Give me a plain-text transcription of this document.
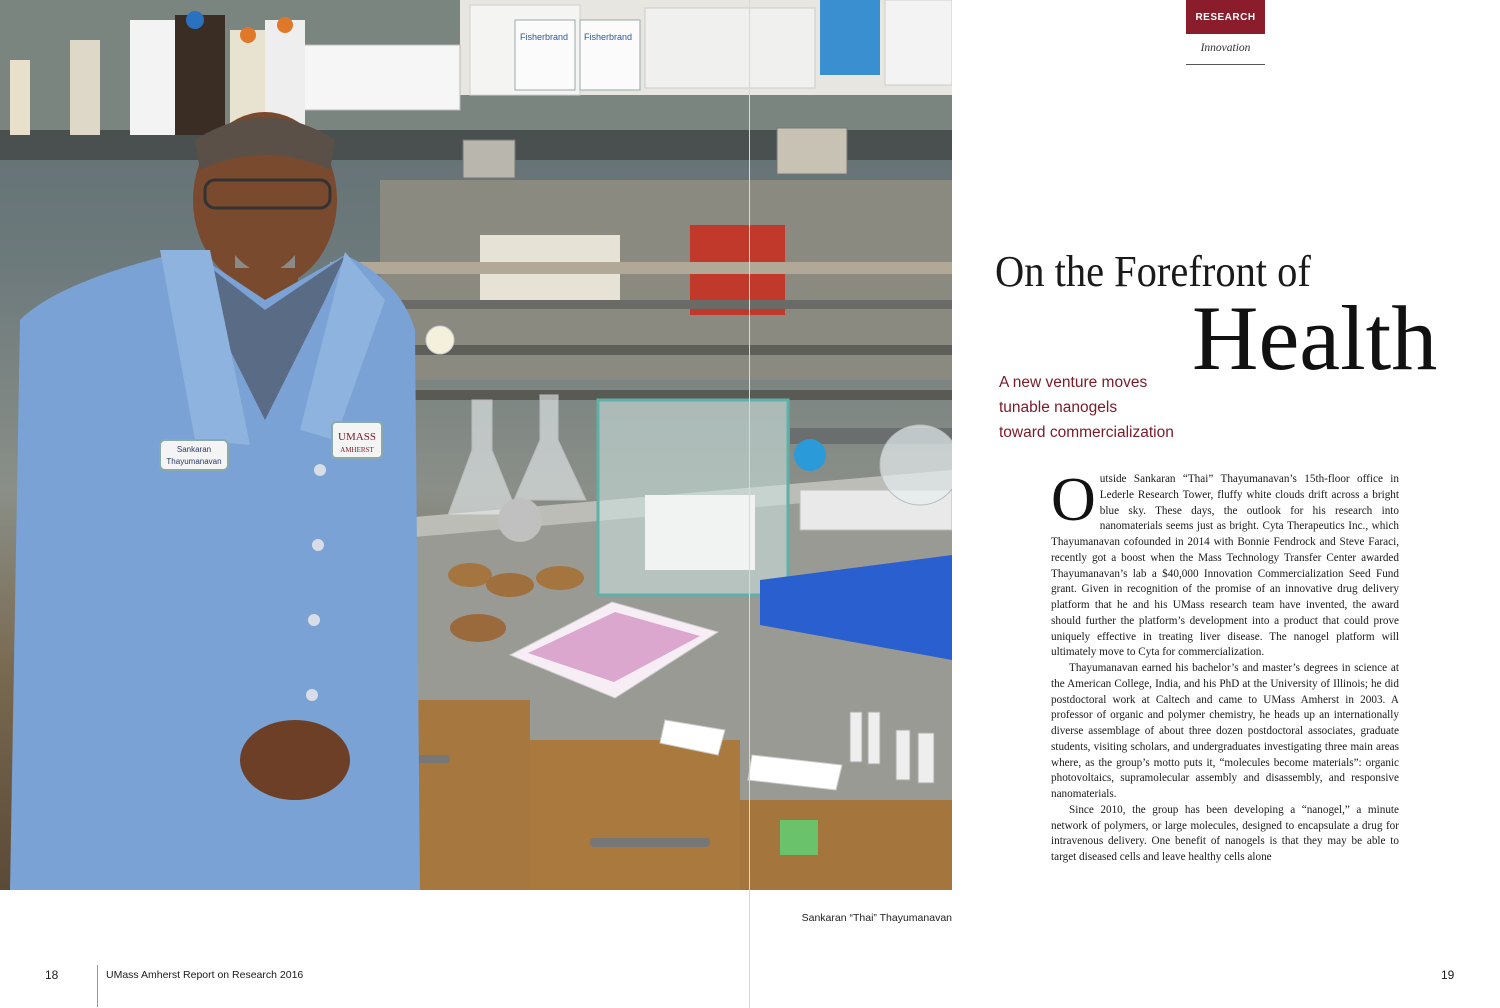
Fisherbrand Fisherbrand
Sankaran
Thayumanavan
UMASS
AMHERST
Sankaran “Thai” Thayumanavan
18	UMass Amherst Report on Research 2016	19
RESEARCH
Innovation
On the Forefront of
Health
A new venture moves
tunable nanogels
toward commercialization

Outside Sankaran “Thai” Thayumanavan’s 15th-floor office in Lederle Research Tower, fluffy white clouds drift across a bright blue sky. These days, the outlook for his research into nanomaterials seems just as bright. Cyta Therapeutics Inc., which Thayumanavan cofounded in 2014 with Bonnie Fendrock and Steve Faraci, recently got a boost when the Mass Technology Transfer Center awarded Thayumanavan’s lab a $40,000 Innovation Commercialization Seed Fund grant. Given in recognition of the promise of an innovative drug delivery platform that he and his UMass research team have invented, the award should further the platform’s development into a product that could prove uniquely effective in treating liver disease. The nanogel platform will ultimately move to Cyta for commercialization.

Thayumanavan earned his bachelor’s and master’s degrees in science at the American College, India, and his PhD at the University of Illinois; he did postdoctoral work at Caltech and came to UMass Amherst in 2003. A professor of organic and polymer chemistry, he heads up an internationally diverse assemblage of about three dozen postdoctoral associates, graduate students, visiting scholars, and undergraduates investigating three main areas where, as the group’s motto puts it, “molecules become materials”: organic photovoltaics, supramolecular assembly and disassembly, and responsive nanomaterials.

Since 2010, the group has been developing a “nanogel,” a minute network of polymers, or large molecules, designed to encapsulate a drug for intravenous delivery. One benefit of nanogels is that they may be able to target diseased cells and leave healthy cells alone
